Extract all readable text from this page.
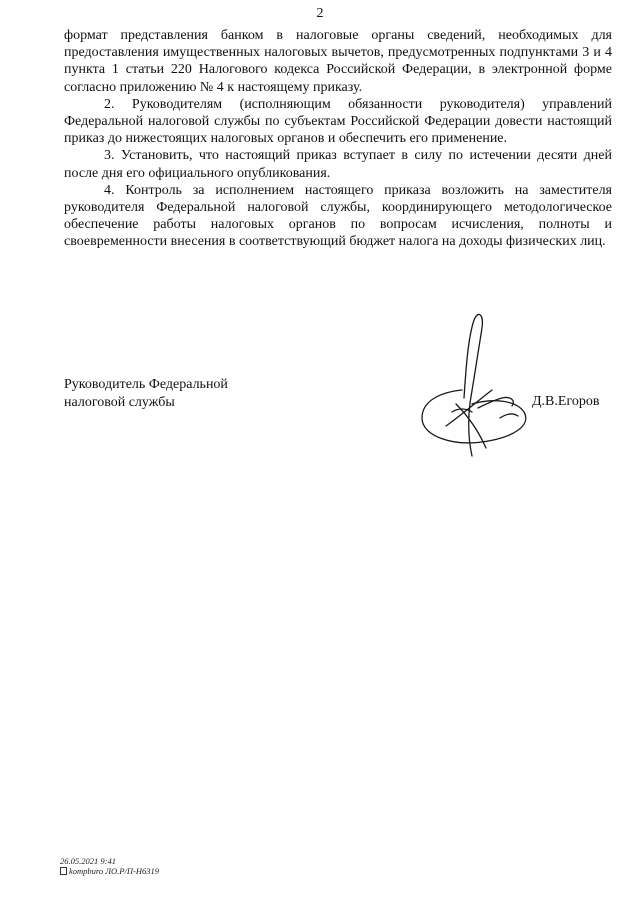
2

формат представления банком в налоговые органы сведений, необходимых для предоставления имущественных налоговых вычетов, предусмотренных подпунктами 3 и 4 пункта 1 статьи 220 Налогового кодекса Российской Федерации, в электронной форме согласно приложению № 4 к настоящему приказу.

2. Руководителям (исполняющим обязанности руководителя) управлений Федеральной налоговой службы по субъектам Российской Федерации довести настоящий приказ до нижестоящих налоговых органов и обеспечить его применение.

3. Установить, что настоящий приказ вступает в силу по истечении десяти дней после дня его официального опубликования.

4. Контроль за исполнением настоящего приказа возложить на заместителя руководителя Федеральной налоговой службы, координирующего методологическое обеспечение работы налоговых органов по вопросам исчисления, полноты и своевременности внесения в соответствующий бюджет налога на доходы физических лиц.

Руководитель Федеральной
налоговой службы	Д.В.Егоров
26.05.2021 9:41
kompburo ЛО.Р/П-Н6319
